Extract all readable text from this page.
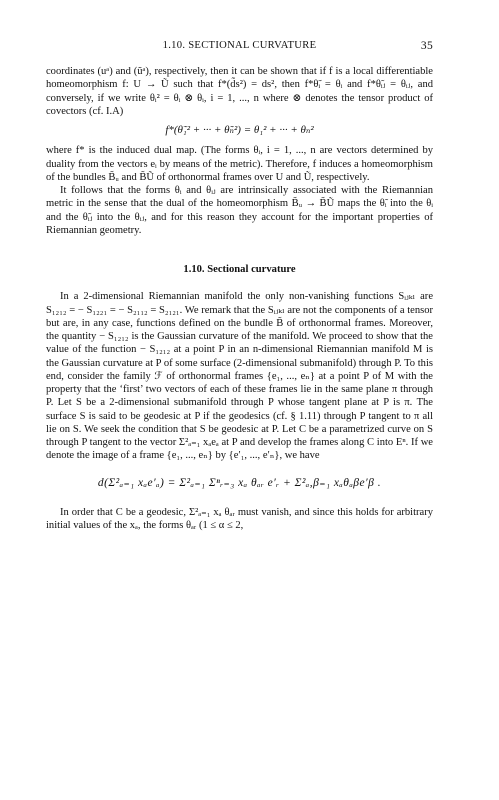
1.10. SECTIONAL CURVATURE	35

coordinates (uᵃ) and (ũᵃ), respectively, then it can be shown that if f is a local differentiable homeomorphism f: U → Ũ such that f*(d̃̃s²) = ds², then f*θ̃ᵢ = θᵢ and f*θ̃ᵢⱼ = θᵢⱼ, and conversely, if we write θᵢ² = θᵢ ⊗ θᵢ, i = 1, ..., n where ⊗ denotes the tensor product of covectors (cf. I.A)

f*(θ̃₁² + ··· + θ̃ₙ²) = θ₁² + ··· + θₙ²

where f* is the induced dual map. (The forms θᵢ, i = 1, ..., n are vectors determined by duality from the vectors eᵢ by means of the metric). Therefore, f induces a homeomorphism of the bundles B̃ᵤ and B̃Ũ of orthonormal frames over U and Ũ, respectively.

It follows that the forms θᵢ and θᵢⱼ are intrinsically associated with the Riemannian metric in the sense that the dual of the homeomorphism B̃ᵤ → B̃Ũ maps the θ̃ᵢ into the θᵢ and the θ̃ᵢⱼ into the θᵢⱼ, and for this reason they account for the important properties of Riemannian geometry.

1.10. Sectional curvature

In a 2-dimensional Riemannian manifold the only non-vanishing functions Sᵢⱼₖₗ are S₁₂₁₂ = − S₁₂₂₁ = − S₂₁₁₂ = S₂₁₂₁. We remark that the Sᵢⱼₖₗ are not the components of a tensor but are, in any case, functions defined on the bundle B̃ of orthonormal frames. Moreover, the quantity − S₁₂₁₂ is the Gaussian curvature of the manifold. We proceed to show that the value of the function − S₁₂₁₂ at a point P in an n-dimensional Riemannian manifold M is the Gaussian curvature at P of some surface (2-dimensional submanifold) through P. To this end, consider the family ℱ of orthonormal frames {e₁, ..., eₙ} at a point P of M with the property that the ‘first’ two vectors of each of these frames lie in the same plane π through P. Let S be a 2-dimensional submanifold through P whose tangent plane at P is π. The surface S is said to be geodesic at P if the geodesics (cf. § 1.11) through P tangent to π all lie on S. We seek the condition that S be geodesic at P. Let C be a parametrized curve on S through P tangent to the vector Σ²ₐ₌₁ xₐeₐ at P and develop the frames along C into Eⁿ. If we denote the image of a frame {e₁, ..., eₙ} by {e′₁, ..., e′ₙ}, we have

d(Σ²ₐ₌₁ xₐe′ₐ) = Σ²ₐ₌₁ Σⁿᵣ₌₃ xₐ θₐᵣ e′ᵣ + Σ²ₐ,β₌₁ xₐθₐβe′β .

In order that C be a geodesic, Σ²ₐ₌₁ xₐ θₐᵣ must vanish, and since this holds for arbitrary initial values of the xₐ, the forms θₐᵣ (1 ≤ α ≤ 2,
